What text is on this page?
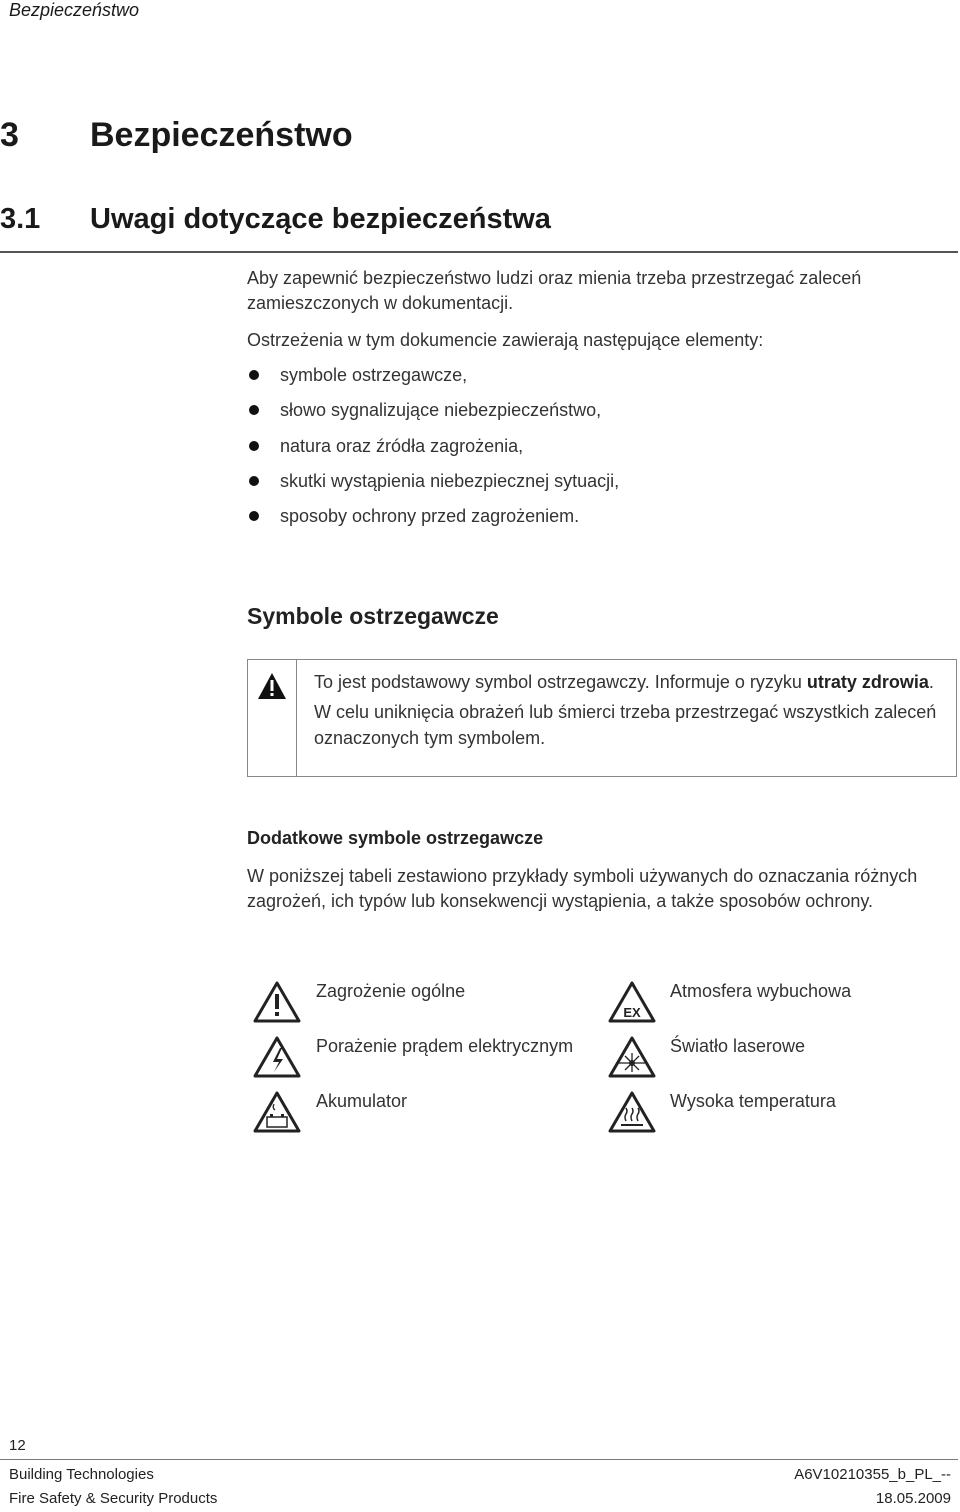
Bezpieczeństwo
3 Bezpieczeństwo
3.1 Uwagi dotyczące bezpieczeństwa
Aby zapewnić bezpieczeństwo ludzi oraz mienia trzeba przestrzegać zaleceń zamieszczonych w dokumentacji.
Ostrzeżenia w tym dokumencie zawierają następujące elementy:
symbole ostrzegawcze,
słowo sygnalizujące niebezpieczeństwo,
natura oraz źródła zagrożenia,
skutki wystąpienia niebezpiecznej sytuacji,
sposoby ochrony przed zagrożeniem.
Symbole ostrzegawcze
To jest podstawowy symbol ostrzegawczy. Informuje o ryzyku utraty zdrowia.
W celu uniknięcia obrażeń lub śmierci trzeba przestrzegać wszystkich zaleceń oznaczonych tym symbolem.
Dodatkowe symbole ostrzegawcze
W poniższej tabeli zestawiono przykłady symboli używanych do oznaczania różnych zagrożeń, ich typów lub konsekwencji wystąpienia, a także sposobów ochrony.
Zagrożenie ogólne
EX
Atmosfera wybuchowa
Porażenie prądem elektrycznym	Światło laserowe
Akumulator	Wysoka temperatura
12
Building Technologies
Fire Safety & Security Products
A6V10210355_b_PL_--
18.05.2009
